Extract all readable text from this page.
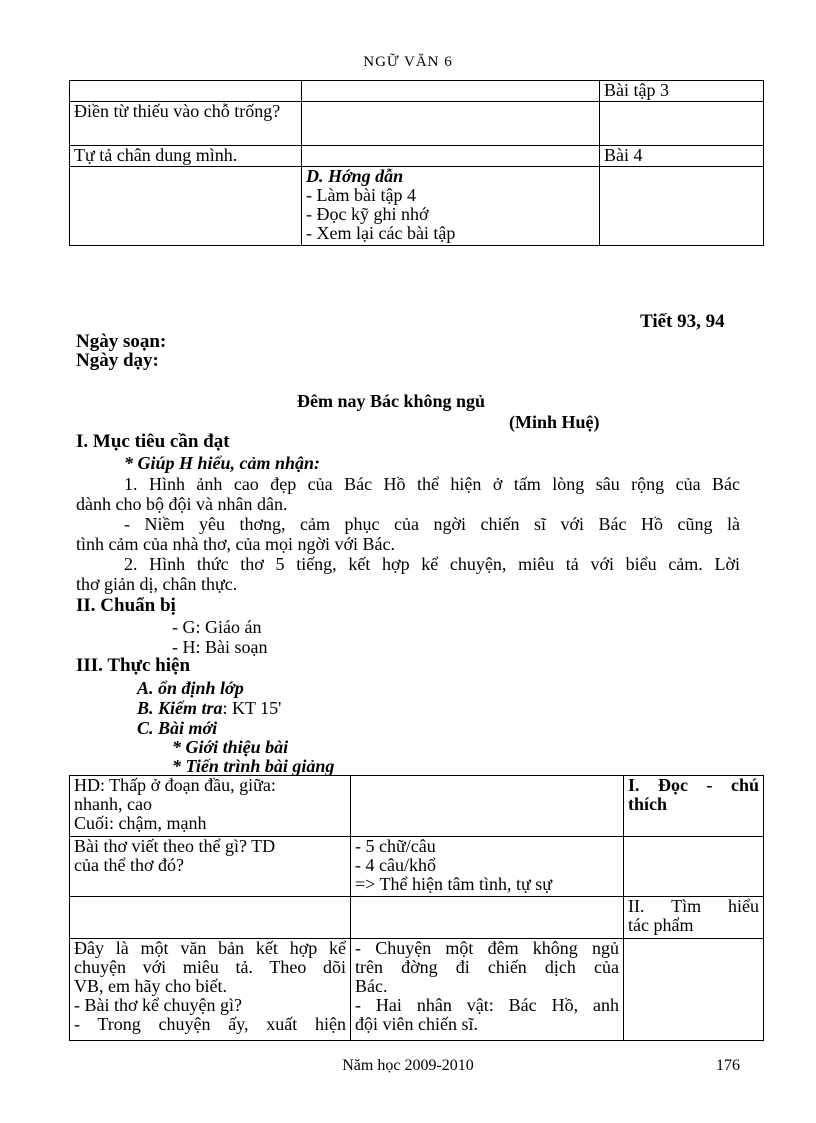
NGỮ VĂN 6
		Bài tập 3
Điền từ thiếu vào chỗ trống?		
Tự tả chân dung mình.		Bài 4

	D. Hớng dẫn
- Làm bài tập 4
- Đọc kỹ ghi nhớ
- Xem lại các bài tập	

Tiết 93, 94
Ngày soạn:
Ngày dạy:
Đêm nay Bác không ngủ
(Minh Huệ)
I. Mục tiêu cần đạt
* Giúp H hiểu, cảm nhận:
1. Hình ảnh cao đẹp của Bác Hồ thể hiện ở tấm lòng sâu rộng của Bác
dành cho bộ đội và nhân dân.
- Niềm yêu thơng, cảm phục của ngời chiến sĩ với Bác Hồ cũng là
tình cảm của nhà thơ, của mọi ngời với Bác.
2. Hình thức thơ 5 tiếng, kết hợp kể chuyện, miêu tả với biểu cảm. Lời
thơ giản dị, chân thực.
II. Chuẩn bị
- G: Giáo án
- H: Bài soạn
III. Thực hiện
A. ổn định lớp
B. Kiểm tra: KT 15'
C. Bài mới
* Giới thiệu bài
* Tiến trình bài giảng
HD: Thấp ở đoạn đầu, giữa:
nhanh, cao
Cuối: chậm, mạnh		I. Đọc - chú
thích

Bài thơ viết theo thể gì? TD
của thể thơ đó?	- 5 chữ/câu
- 4 câu/khổ
=> Thể hiện tâm tình, tự sự	

		II. Tìm hiểu
tác phẩm

Đây là một văn bản kết hợp kể
chuyện với miêu tả. Theo dõi
VB, em hãy cho biết.
- Bài thơ kể chuyện gì?
- Trong chuyện ấy, xuất hiện	- Chuyện một đêm không ngủ
trên đờng đi chiến dịch của
Bác.
- Hai nhân vật: Bác Hồ, anh
đội viên chiến sĩ.	

Năm học 2009-2010	176
